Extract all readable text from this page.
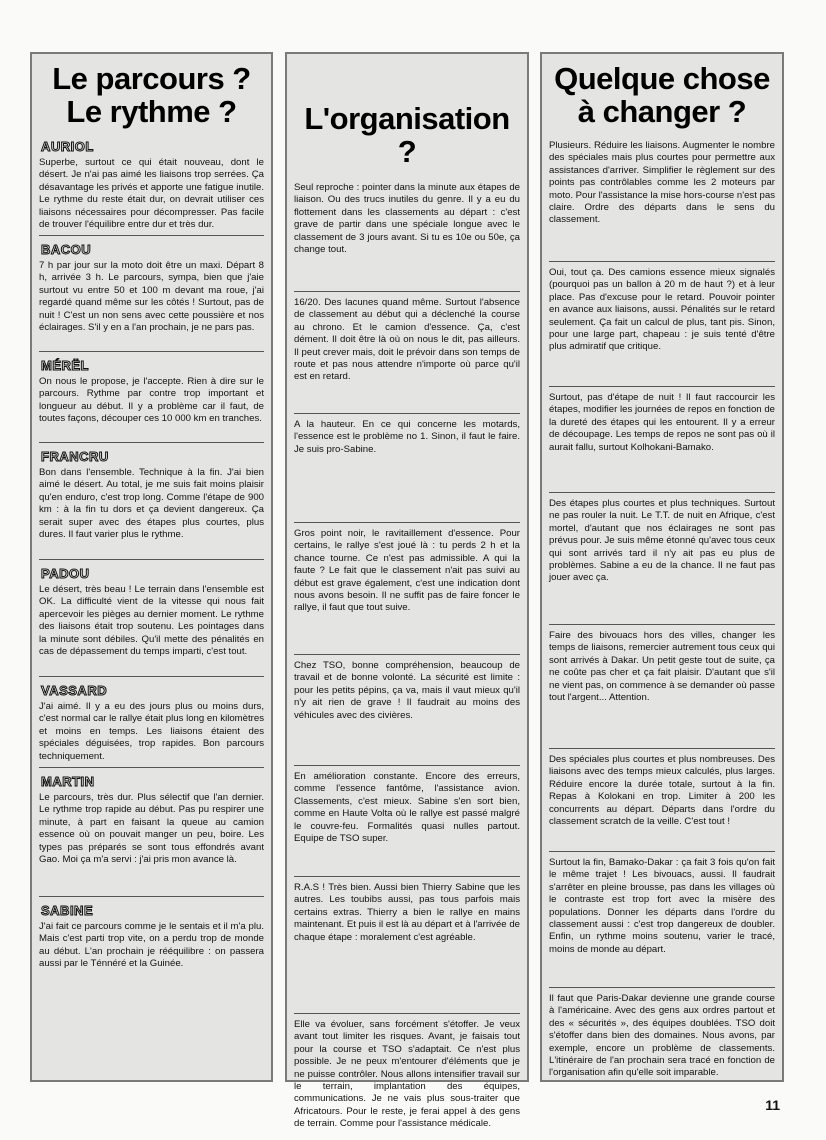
Le parcours ?
Le rythme ?
AURIOL

Superbe, surtout ce qui était nouveau, dont le désert. Je n'ai pas aimé les liaisons trop serrées. Ça désavantage les privés et apporte une fatigue inutile. Le rythme du reste était dur, on devrait utiliser ces liaisons nécessaires pour décompresser. Pas facile de trouver l'équilibre entre dur et très dur.

BACOU

7 h par jour sur la moto doit être un maxi. Départ 8 h, arrivée 3 h. Le parcours, sympa, bien que j'aie surtout vu entre 50 et 100 m devant ma roue, j'ai regardé quand même sur les côtés ! Surtout, pas de nuit ! C'est un non sens avec cette poussière et nos éclairages. S'il y en a l'an prochain, je ne pars pas.

MÉRËL

On nous le propose, je l'accepte. Rien à dire sur le parcours. Rythme par contre trop important et longueur au début. Il y a problème car il faut, de toutes façons, découper ces 10 000 km en tranches.

FRANCRU

Bon dans l'ensemble. Technique à la fin. J'ai bien aimé le désert. Au total, je me suis fait moins plaisir qu'en enduro, c'est trop long. Comme l'étape de 900 km : à la fin tu dors et ça devient dangereux. Ça serait super avec des étapes plus courtes, plus dures. Il faut varier plus le rythme.

PADOU

Le désert, très beau ! Le terrain dans l'ensemble est OK. La difficulté vient de la vitesse qui nous fait apercevoir les pièges au dernier moment. Le rythme des liaisons était trop soutenu. Les pointages dans la minute sont débiles. Qu'il mette des pénalités en cas de dépassement du temps imparti, c'est tout.

VASSARD

J'ai aimé. Il y a eu des jours plus ou moins durs, c'est normal car le rallye était plus long en kilomètres et moins en temps. Les liaisons étaient des spéciales déguisées, trop rapides. Bon parcours techniquement.

MARTIN

Le parcours, très dur. Plus sélectif que l'an dernier. Le rythme trop rapide au début. Pas pu respirer une minute, à part en faisant la queue au camion essence où on pouvait manger un peu, boire. Les types pas préparés se sont tous effondrés avant Gao. Moi ça m'a servi : j'ai pris mon avance là.

SABINE

J'ai fait ce parcours comme je le sentais et il m'a plu. Mais c'est parti trop vite, on a perdu trop de monde au début. L'an prochain je rééquilibre : on passera aussi par le Ténnéré et la Guinée.

L'organisation ?

Seul reproche : pointer dans la minute aux étapes de liaison. Ou des trucs inutiles du genre. Il y a eu du flottement dans les classements au départ : c'est grave de partir dans une spéciale longue avec le classement de 3 jours avant. Si tu es 10e ou 50e, ça change tout.

16/20. Des lacunes quand même. Surtout l'absence de classement au début qui a déclenché la course au chrono. Et le camion d'essence. Ça, c'est dément. Il doit être là où on nous le dit, pas ailleurs. Il peut crever mais, doit le prévoir dans son temps de route et pas nous attendre n'importe où parce qu'il est en retard.

A la hauteur. En ce qui concerne les motards, l'essence est le problème no 1. Sinon, il faut le faire. Je suis pro-Sabine.

Gros point noir, le ravitaillement d'essence. Pour certains, le rallye s'est joué là : tu perds 2 h et la chance tourne. Ce n'est pas admissible. A qui la faute ? Le fait que le classement n'ait pas suivi au début est grave également, c'est une indication dont nous avons besoin. Il ne suffit pas de faire foncer le rallye, il faut que tout suive.

Chez TSO, bonne compréhension, beaucoup de travail et de bonne volonté. La sécurité est limite : pour les petits pépins, ça va, mais il vaut mieux qu'il n'y ait rien de grave ! Il faudrait au moins des véhicules avec des civières.

En amélioration constante. Encore des erreurs, comme l'essence fantôme, l'assistance avion. Classements, c'est mieux. Sabine s'en sort bien, comme en Haute Volta où le rallye est passé malgré le couvre-feu. Formalités quasi nulles partout. Equipe de TSO super.

R.A.S ! Très bien. Aussi bien Thierry Sabine que les autres. Les toubibs aussi, pas tous parfois mais certains extras. Thierry a bien le rallye en mains maintenant. Et puis il est là au départ et à l'arrivée de chaque étape : moralement c'est agréable.

Elle va évoluer, sans forcément s'étoffer. Je veux avant tout limiter les risques. Avant, je faisais tout pour la course et TSO s'adaptait. Ce n'est plus possible. Je ne peux m'entourer d'éléments que je ne puisse contrôler. Nous allons intensifier travail sur le terrain, implantation des équipes, communications. Je ne vais plus sous-traiter que Africatours. Pour le reste, je ferai appel à des gens de terrain. Comme pour l'assistance médicale.

Quelque chose
à changer ?

Plusieurs. Réduire les liaisons. Augmenter le nombre des spéciales mais plus courtes pour permettre aux assistances d'arriver. Simplifier le règlement sur des points pas contrôlables comme les 2 moteurs par moto. Pour l'assistance la mise hors-course n'est pas claire. Ordre des départs dans le sens du classement.

Oui, tout ça. Des camions essence mieux signalés (pourquoi pas un ballon à 20 m de haut ?) et à leur place. Pas d'excuse pour le retard. Pouvoir pointer en avance aux liaisons, aussi. Pénalités sur le retard seulement. Ça fait un calcul de plus, tant pis. Sinon, pour une large part, chapeau : je suis tenté d'être plus admiratif que critique.

Surtout, pas d'étape de nuit ! Il faut raccourcir les étapes, modifier les journées de repos en fonction de la dureté des étapes qui les entourent. Il y a erreur de découpage. Les temps de repos ne sont pas où il aurait fallu, surtout Kolhokani-Bamako.

Des étapes plus courtes et plus techniques. Surtout ne pas rouler la nuit. Le T.T. de nuit en Afrique, c'est mortel, d'autant que nos éclairages ne sont pas prévus pour. Je suis même étonné qu'avec tous ceux qui sont arrivés tard il n'y ait pas eu plus de problèmes. Sabine a eu de la chance. Il ne faut pas jouer avec ça.

Faire des bivouacs hors des villes, changer les temps de liaisons, remercier autrement tous ceux qui sont arrivés à Dakar. Un petit geste tout de suite, ça ne coûte pas cher et ça fait plaisir. D'autant que s'il ne vient pas, on commence à se demander où passe tout l'argent... Attention.

Des spéciales plus courtes et plus nombreuses. Des liaisons avec des temps mieux calculés, plus larges. Réduire encore la durée totale, surtout à la fin. Repas à Kolokani en trop. Limiter à 200 les concurrents au départ. Départs dans l'ordre du classement scratch de la veille. C'est tout !

Surtout la fin, Bamako-Dakar : ça fait 3 fois qu'on fait le même trajet ! Les bivouacs, aussi. Il faudrait s'arrêter en pleine brousse, pas dans les villages où le contraste est trop fort avec la misère des populations. Donner les départs dans l'ordre du classement aussi : c'est trop dangereux de doubler. Enfin, un rythme moins soutenu, varier le tracé, moins de monde au départ.

Il faut que Paris-Dakar devienne une grande course à l'américaine. Avec des gens aux ordres partout et des « sécurités », des équipes doublées. TSO doit s'étoffer dans bien des domaines. Nous avons, par exemple, encore un problème de classements. L'itinéraire de l'an prochain sera tracé en fonction de l'organisation afin qu'elle soit imparable.

11
